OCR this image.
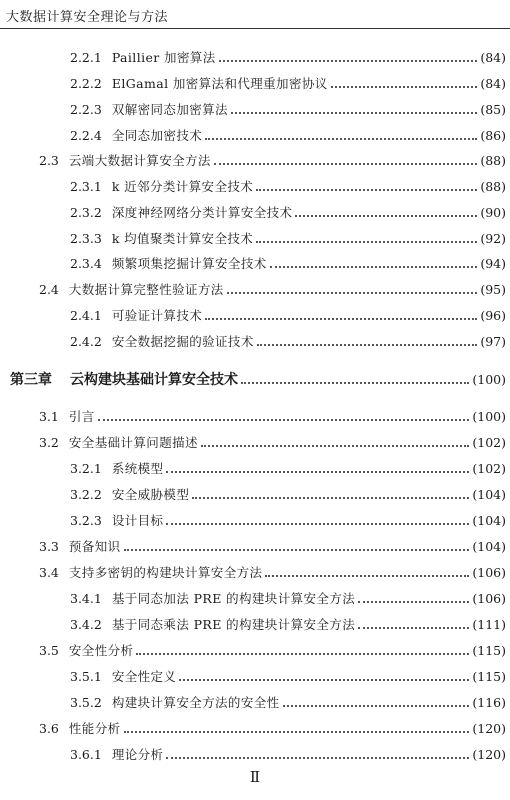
大数据计算安全理论与方法
2.2.1 Paillier 加密算法	(84)
2.2.2 ElGamal 加密算法和代理重加密协议	(84)
2.2.3 双解密同态加密算法	(85)
2.2.4 全同态加密技术	(86)
2.3 云端大数据计算安全方法	(88)
2.3.1 k 近邻分类计算安全技术	(88)
2.3.2 深度神经网络分类计算安全技术	(90)
2.3.3 k 均值聚类计算安全技术	(92)
2.3.4 频繁项集挖掘计算安全技术	(94)
2.4 大数据计算完整性验证方法	(95)
2.4.1 可验证计算技术	(96)
2.4.2 安全数据挖掘的验证技术	(97)
第三章	云构建块基础计算安全技术	(100)
3.1 引言	(100)
3.2 安全基础计算问题描述	(102)
3.2.1 系统模型	(102)
3.2.2 安全威胁模型	(104)
3.2.3 设计目标	(104)
3.3 预备知识	(104)
3.4 支持多密钥的构建块计算安全方法	(106)
3.4.1 基于同态加法 PRE 的构建块计算安全方法	(106)
3.4.2 基于同态乘法 PRE 的构建块计算安全方法	(111)
3.5 安全性分析	(115)
3.5.1 安全性定义	(115)
3.5.2 构建块计算安全方法的安全性	(116)
3.6 性能分析	(120)
3.6.1 理论分析	(120)
Ⅱ
